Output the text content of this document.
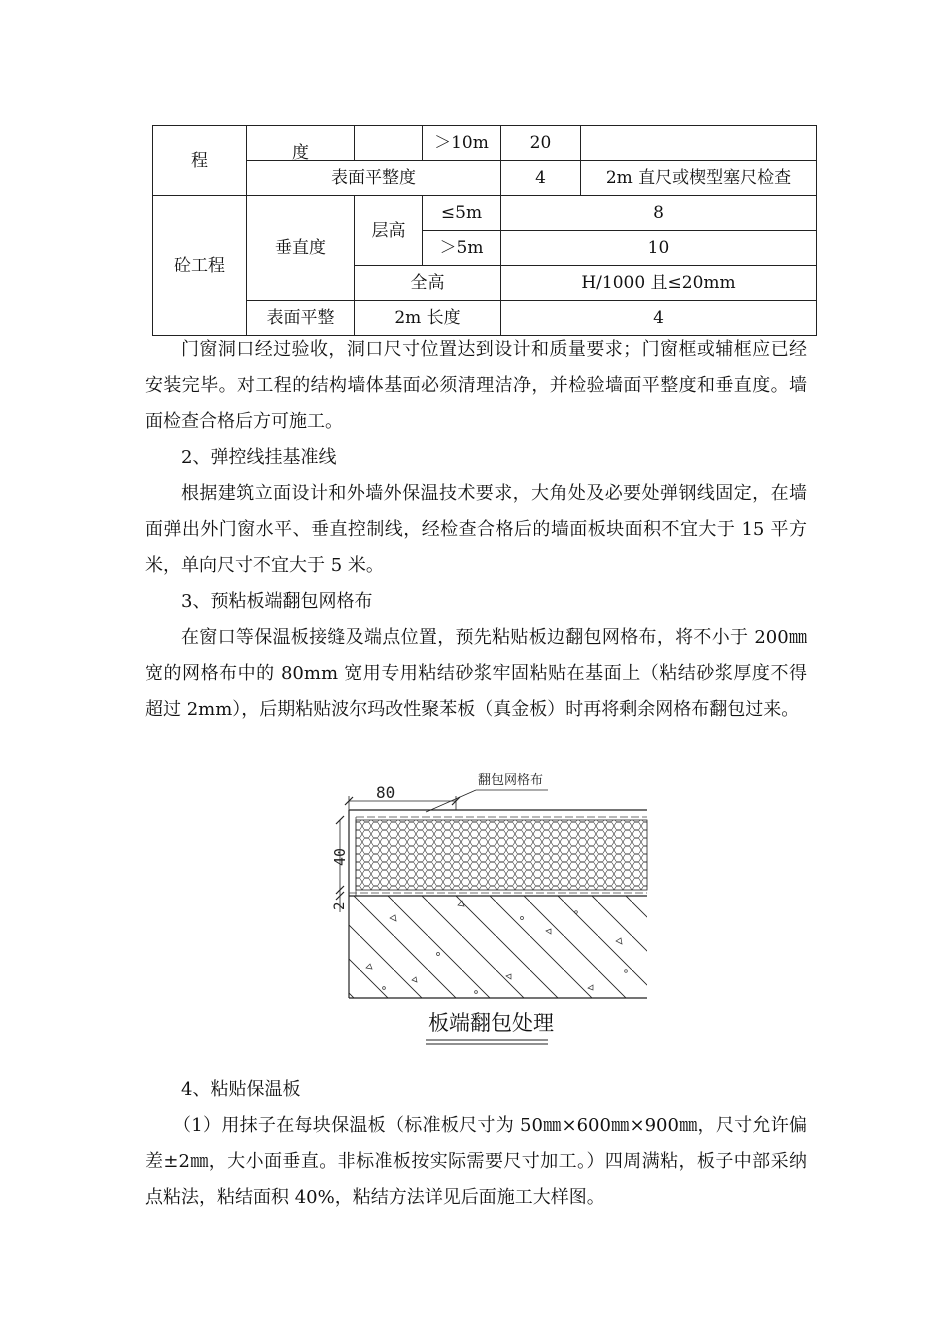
程	度		＞10m	20	
	表面平整度			4	2m 直尺或楔型塞尺检查
砼工程	垂直度	层高	≤5m	8	
			＞5m	10	
		全高		H/1000 且≤20mm	
	表面平整	2m 长度		4	

门窗洞口经过验收，洞口尺寸位置达到设计和质量要求；门窗框或辅框应已经安装完毕。对工程的结构墙体基面必须清理洁净，并检验墙面平整度和垂直度。墙面检查合格后方可施工。

2、弹控线挂基准线

根据建筑立面设计和外墙外保温技术要求，大角处及必要处弹钢线固定，在墙面弹出外门窗水平、垂直控制线，经检查合格后的墙面板块面积不宜大于 15 平方米，单向尺寸不宜大于 5 米。

3、预粘板端翻包网格布

在窗口等保温板接缝及端点位置，预先粘贴板边翻包网格布，将不小于 200㎜ 宽的网格布中的 80mm 宽用专用粘结砂浆牢固粘贴在基面上（粘结砂浆厚度不得超过 2mm），后期粘贴波尔玛改性聚苯板（真金板）时再将剩余网格布翻包过来。

80
翻包网格布
40
2
板端翻包处理

4、粘贴保温板

（1）用抹子在每块保温板（标准板尺寸为 50㎜×600㎜×900㎜，尺寸允许偏差±2㎜，大小面垂直。非标准板按实际需要尺寸加工。）四周满粘，板子中部采纳点粘法，粘结面积 40%，粘结方法详见后面施工大样图。
